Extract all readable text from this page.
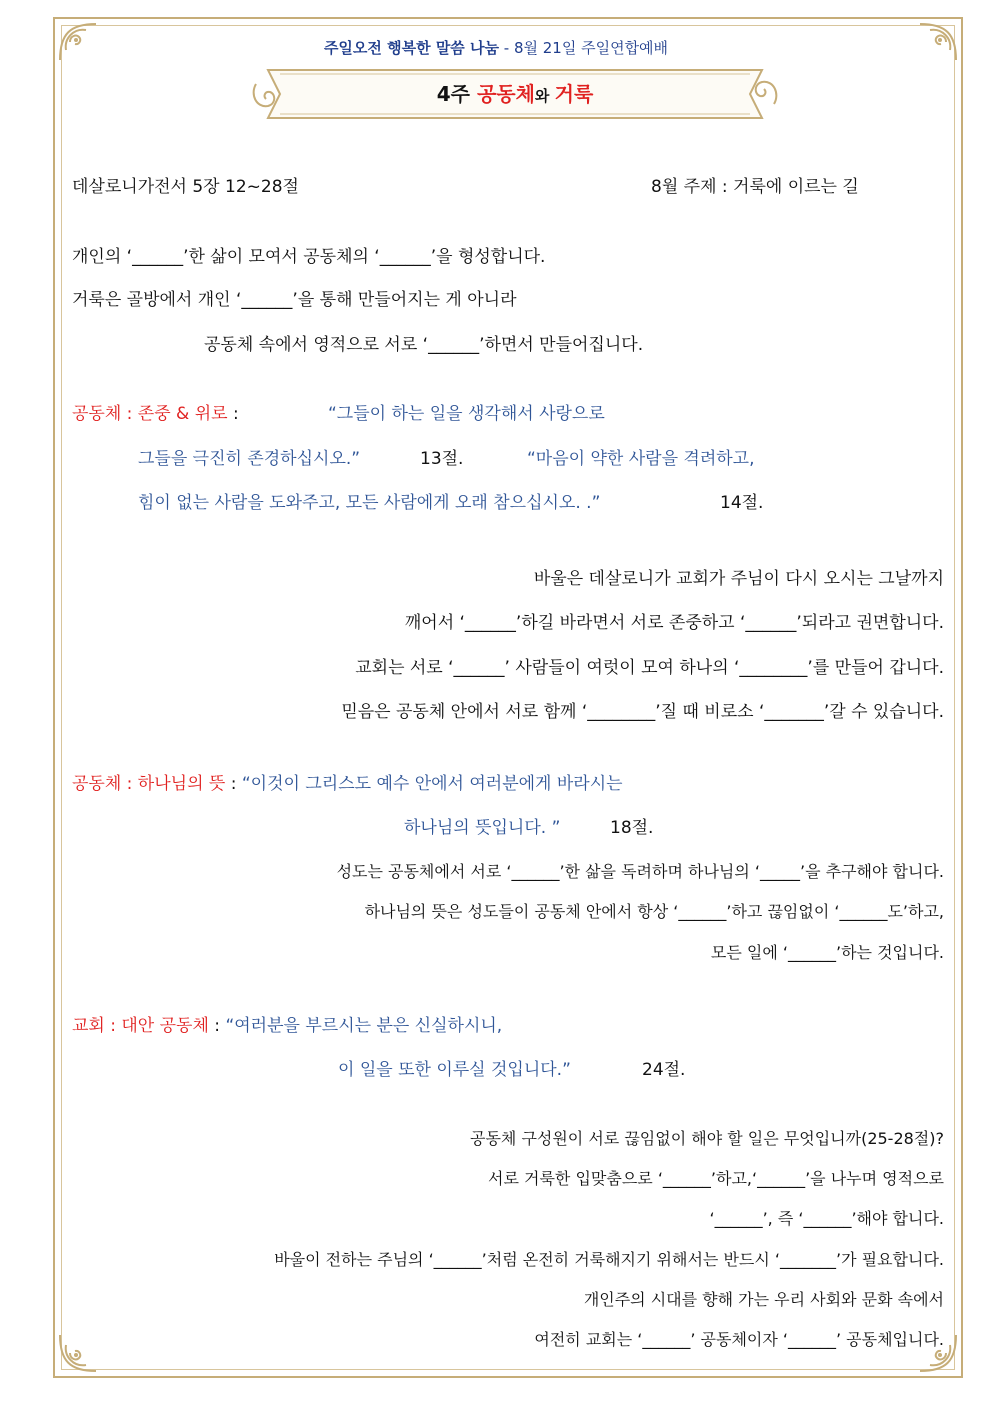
주일오전 행복한 말씀 나눔 - 8월 21일 주일연합예배
4주 공동체와 거룩
데살로니가전서 5장 12~28절	8월 주제 : 거룩에 이르는 길
개인의 ‘______’한 삶이 모여서 공동체의 ‘______’을 형성합니다.
거룩은 골방에서 개인 ‘______’을 통해 만들어지는 게 아니라
공동체 속에서 영적으로 서로 ‘______’하면서 만들어집니다.
공동체 : 존중 & 위로 :	“그들이 하는 일을 생각해서 사랑으로
그들을 극진히 존경하십시오.”	13절.	“마음이 약한 사람을 격려하고,
힘이 없는 사람을 도와주고, 모든 사람에게 오래 참으십시오. .”	14절.
바울은 데살로니가 교회가 주님이 다시 오시는 그날까지
깨어서 ‘______’하길 바라면서 서로 존중하고 ‘______’되라고 권면합니다.
교회는 서로 ‘______’ 사람들이 여럿이 모여 하나의 ‘________’를 만들어 갑니다.
믿음은 공동체 안에서 서로 함께 ‘________’질 때 비로소 ‘_______’갈 수 있습니다.
공동체 : 하나님의 뜻 : “이것이 그리스도 예수 안에서 여러분에게 바라시는
하나님의 뜻입니다. ”	18절.
성도는 공동체에서 서로 ‘______’한 삶을 독려하며 하나님의 ‘_____’을 추구해야 합니다.
하나님의 뜻은 성도들이 공동체 안에서 항상 ‘______’하고 끊임없이 ‘______도’하고,
모든 일에 ‘______’하는 것입니다.
교회 : 대안 공동체 : “여러분을 부르시는 분은 신실하시니,
이 일을 또한 이루실 것입니다.”	24절.
공동체 구성원이 서로 끊임없이 해야 할 일은 무엇입니까(25-28절)?
서로 거룩한 입맞춤으로 ‘______’하고,‘______’을 나누며 영적으로
‘______’, 즉 ‘______’해야 합니다.
바울이 전하는 주님의 ‘______’처럼 온전히 거룩해지기 위해서는 반드시 ‘_______’가 필요합니다.
개인주의 시대를 향해 가는 우리 사회와 문화 속에서
여전히 교회는 ‘______’ 공동체이자 ‘______’ 공동체입니다.
